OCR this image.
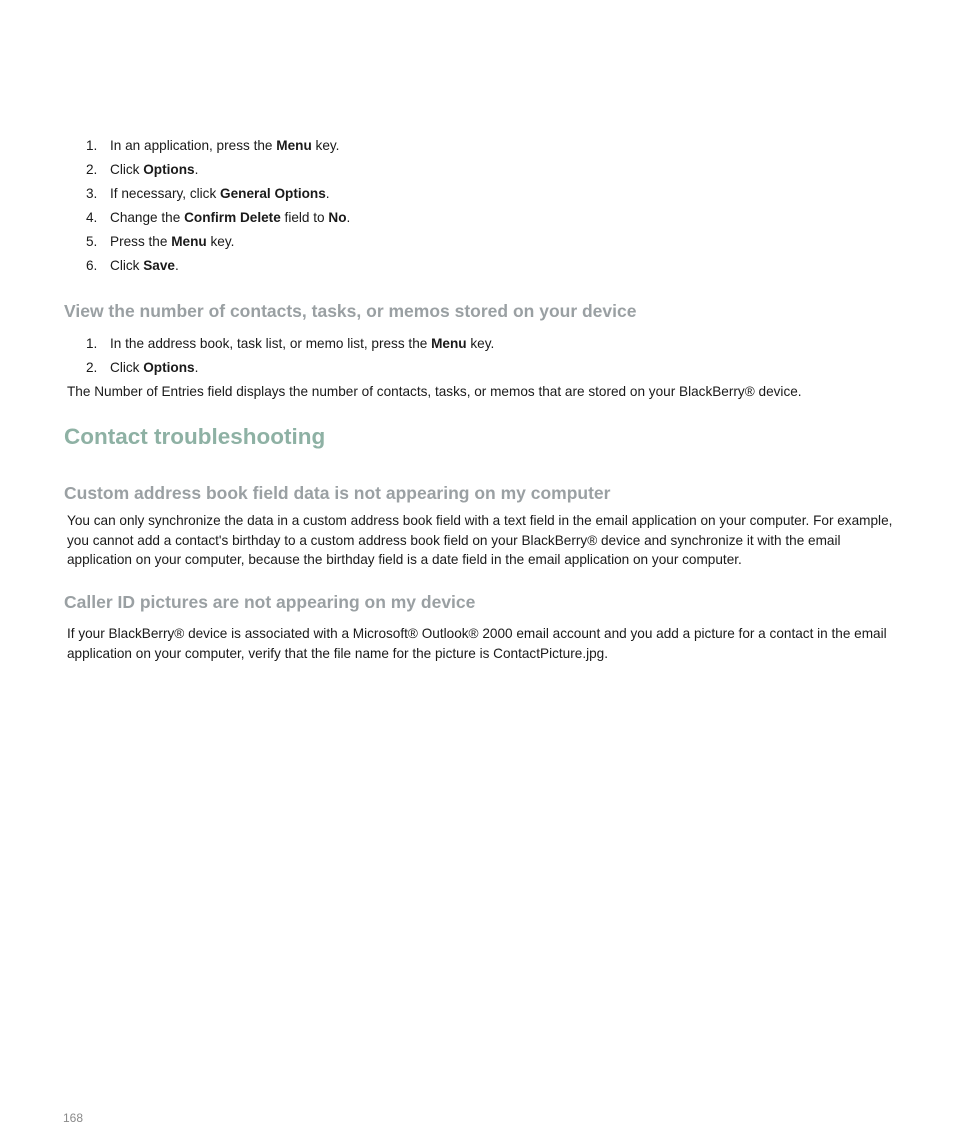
1. In an application, press the Menu key.
2. Click Options.
3. If necessary, click General Options.
4. Change the Confirm Delete field to No.
5. Press the Menu key.
6. Click Save.
View the number of contacts, tasks, or memos stored on your device
1. In the address book, task list, or memo list, press the Menu key.
2. Click Options.

The Number of Entries field displays the number of contacts, tasks, or memos that are stored on your BlackBerry® device.

Contact troubleshooting
Custom address book field data is not appearing on my computer

You can only synchronize the data in a custom address book field with a text field in the email application on your computer. For example, you cannot add a contact's birthday to a custom address book field on your BlackBerry® device and synchronize it with the email application on your computer, because the birthday field is a date field in the email application on your computer.

Caller ID pictures are not appearing on my device

If your BlackBerry® device is associated with a Microsoft® Outlook® 2000 email account and you add a picture for a contact in the email application on your computer, verify that the file name for the picture is ContactPicture.jpg.

168
